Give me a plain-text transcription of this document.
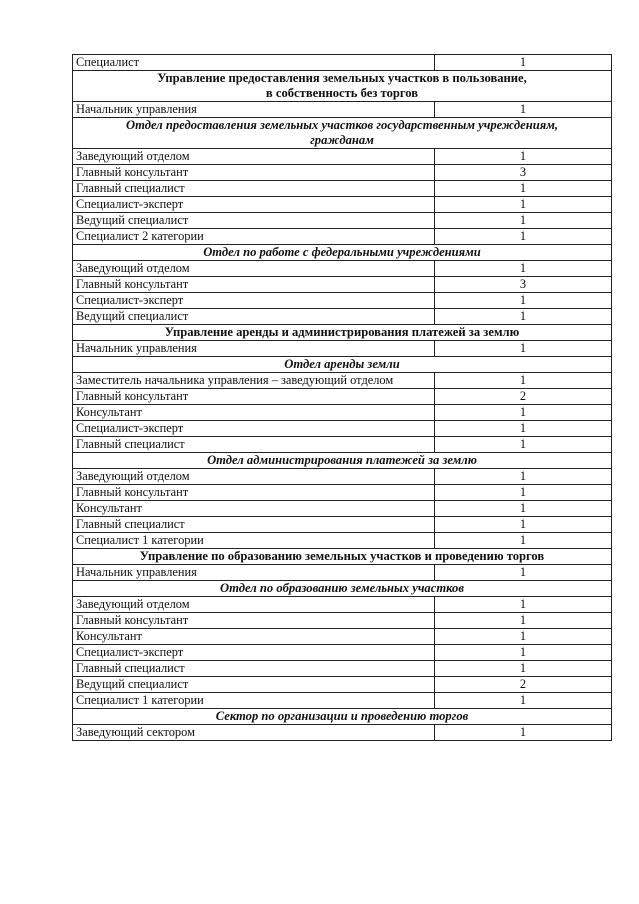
Специалист	1
Управление предоставления земельных участков в пользование,
в собственность без торгов	
Начальник управления	1
Отдел предоставления земельных участков государственным учреждениям,
гражданам	
Заведующий отделом	1
Главный консультант	3
Главный специалист	1
Специалист-эксперт	1
Ведущий специалист	1
Специалист 2 категории	1
Отдел по работе с федеральными учреждениями	
Заведующий отделом	1
Главный консультант	3
Специалист-эксперт	1
Ведущий специалист	1
Управление аренды и администрирования платежей за землю	
Начальник управления	1
Отдел аренды земли	
Заместитель начальника управления – заведующий отделом	1
Главный консультант	2
Консультант	1
Специалист-эксперт	1
Главный специалист	1
Отдел администрирования платежей за землю	
Заведующий отделом	1
Главный консультант	1
Консультант	1
Главный специалист	1
Специалист 1 категории	1
Управление по образованию земельных участков и проведению торгов	
Начальник управления	1
Отдел по образованию земельных участков	
Заведующий отделом	1
Главный консультант	1
Консультант	1
Специалист-эксперт	1
Главный специалист	1
Ведущий специалист	2
Специалист 1 категории	1
Сектор по организации и проведению торгов	
Заведующий сектором	1
